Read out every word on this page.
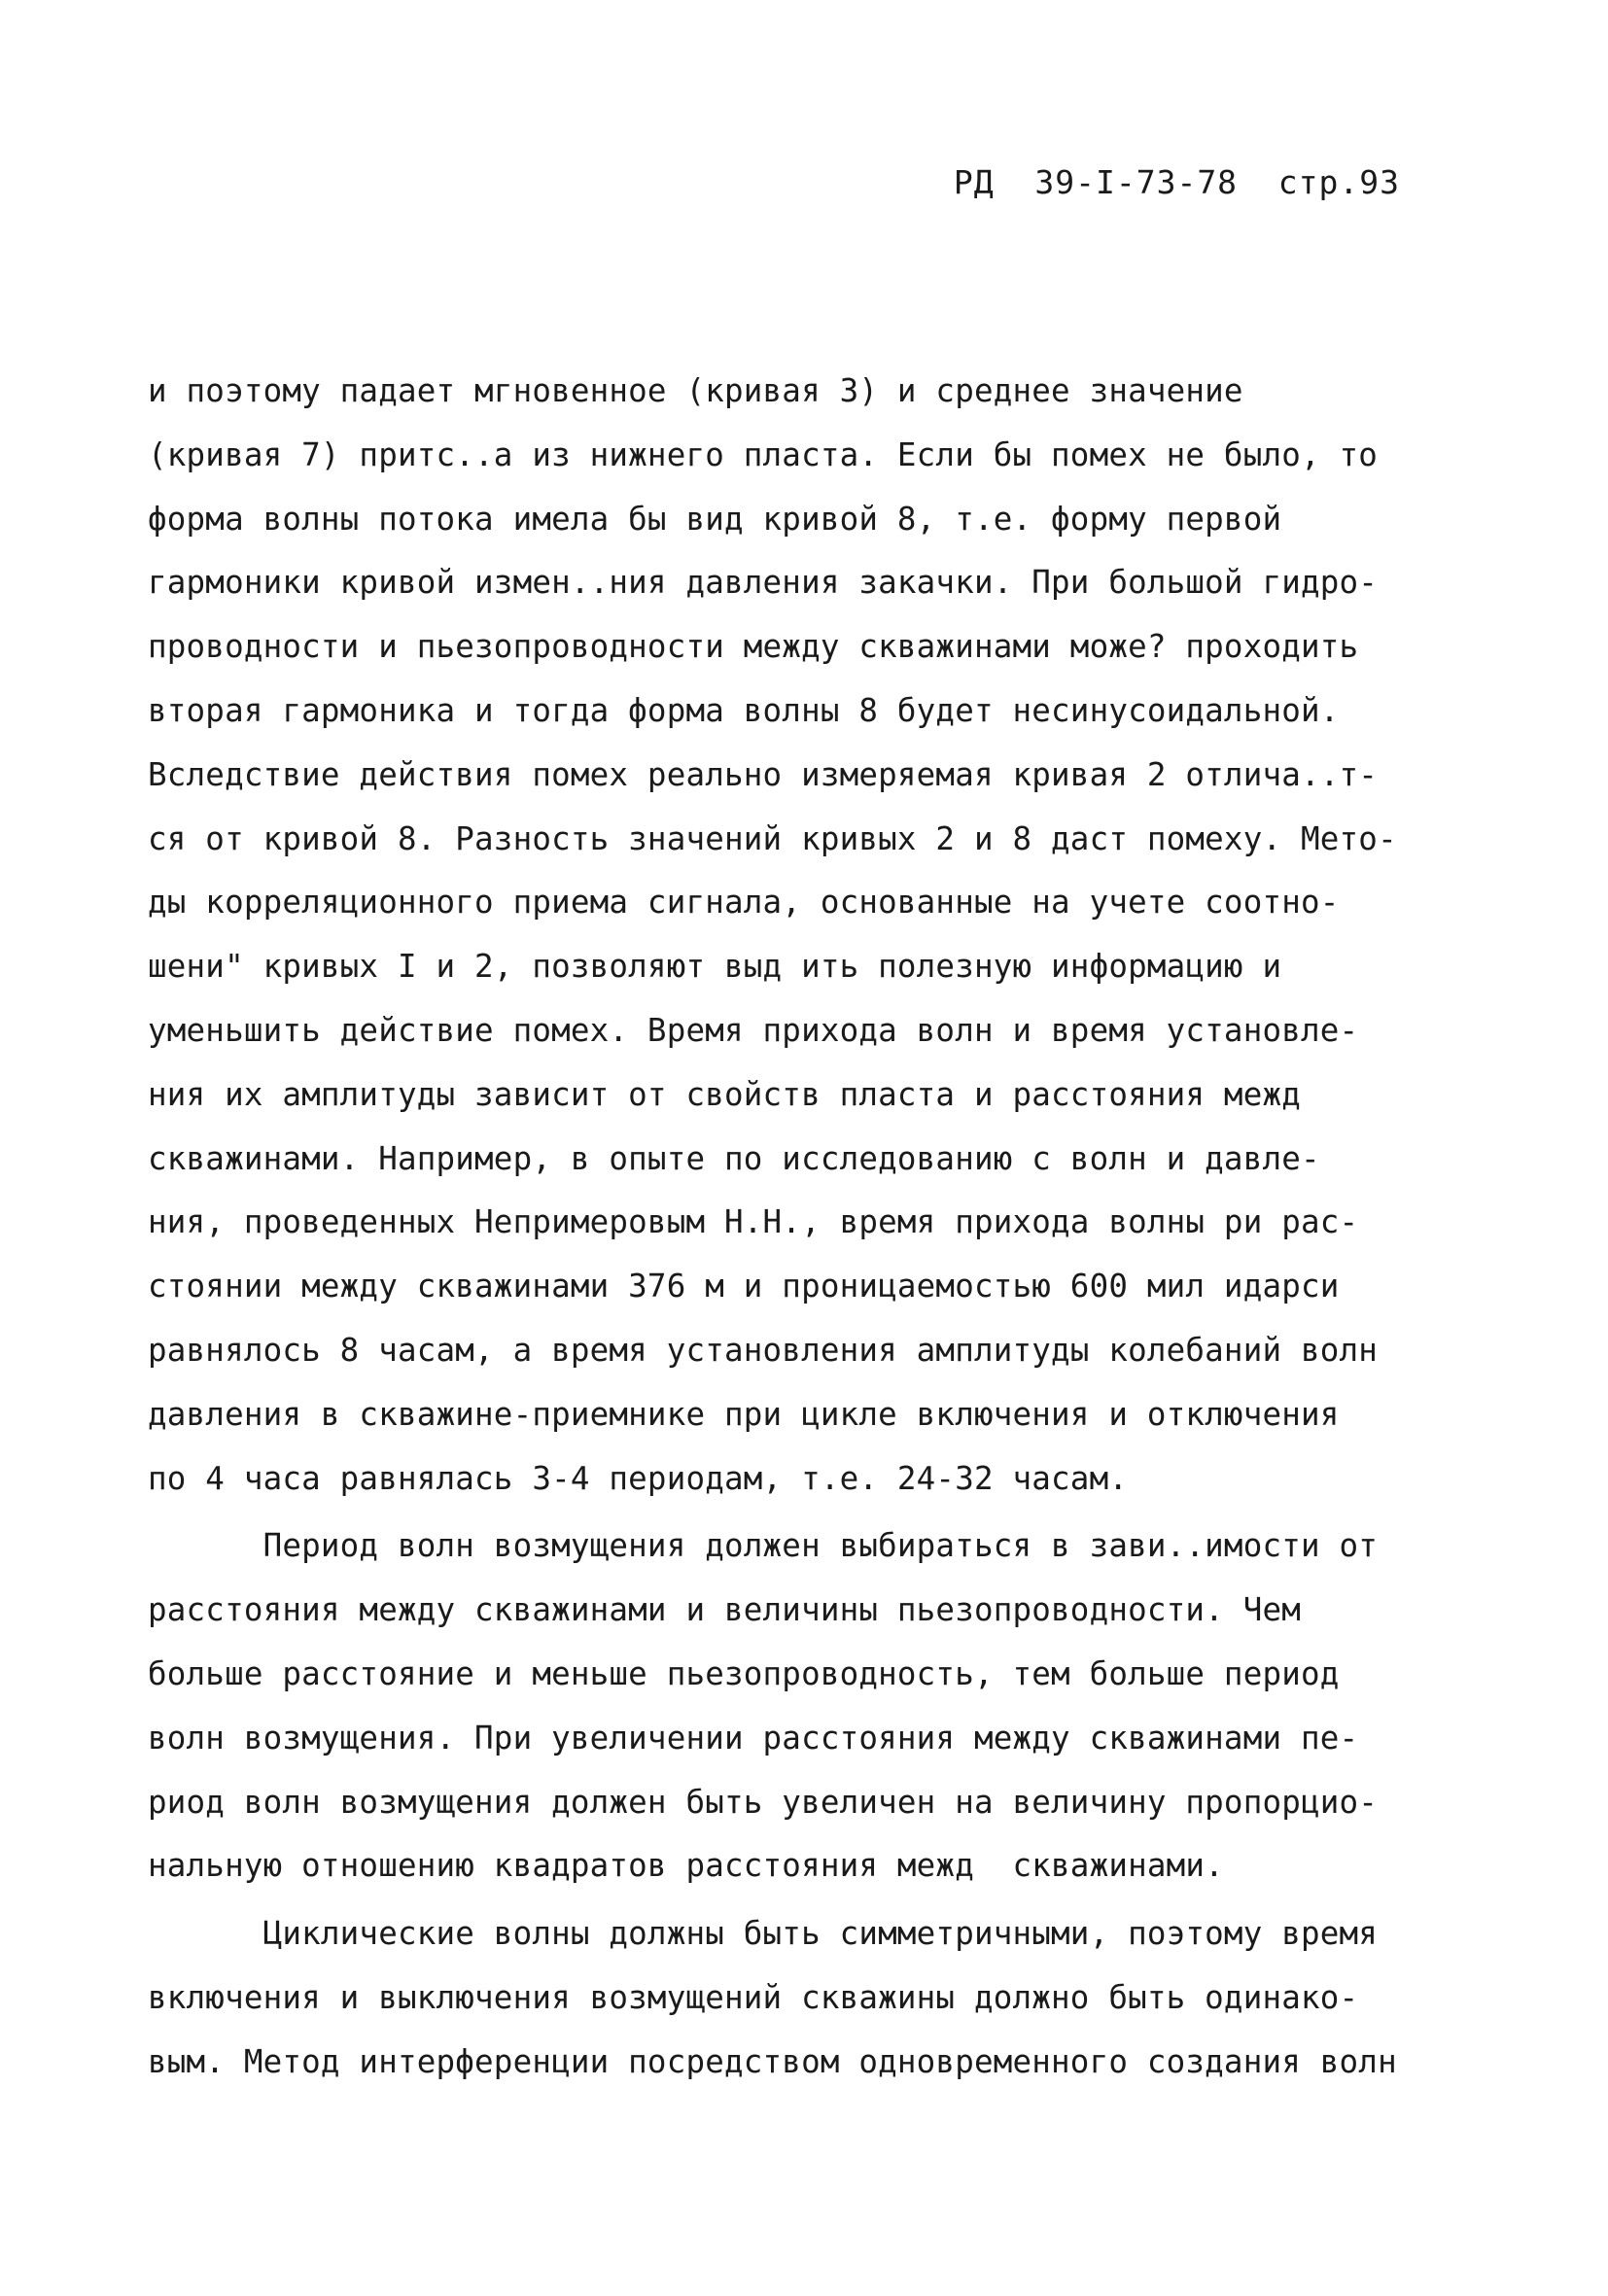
РД  39-I-73-78  стр.93
и поэтому падает мгновенное (кривая 3) и среднее значение
(кривая 7) притс..а из нижнего пласта. Если бы помех не было, то
форма волны потока имела бы вид кривой 8, т.е. форму первой
гармоники кривой измен..ния давления закачки. При большой гидро-
проводности и пьезопроводности между скважинами може? проходить
вторая гармоника и тогда форма волны 8 будет несинусоидальной.
Вследствие действия помех реально измеряемая кривая 2 отлича..т-
ся от кривой 8. Разность значений кривых 2 и 8 даст помеху. Мето-
ды корреляционного приема сигнала, основанные на учете соотно-
шени" кривых I и 2, позволяют выд ить полезную информацию и
уменьшить действие помех. Время прихода волн и время установле-
ния их амплитуды зависит от свойств пласта и расстояния межд
скважинами. Например, в опыте по исследованию с волн и давле-
ния, проведенных Непримеровым Н.Н., время прихода волны ри рас-
стоянии между скважинами 376 м и проницаемостью 600 мил идарси
равнялось 8 часам, а время установления амплитуды колебаний волн
давления в скважине-приемнике при цикле включения и отключения
по 4 часа равнялась 3-4 периодам, т.е. 24-32 часам.
Период волн возмущения должен выбираться в зави..имости от
расстояния между скважинами и величины пьезопроводности. Чем
больше расстояние и меньше пьезопроводность, тем больше период
волн возмущения. При увеличении расстояния между скважинами пе-
риод волн возмущения должен быть увеличен на величину пропорцио-
нальную отношению квадратов расстояния межд  скважинами.
Циклические волны должны быть симметричными, поэтому время
включения и выключения возмущений скважины должно быть одинако-
вым. Метод интерференции посредством одновременного создания волн
